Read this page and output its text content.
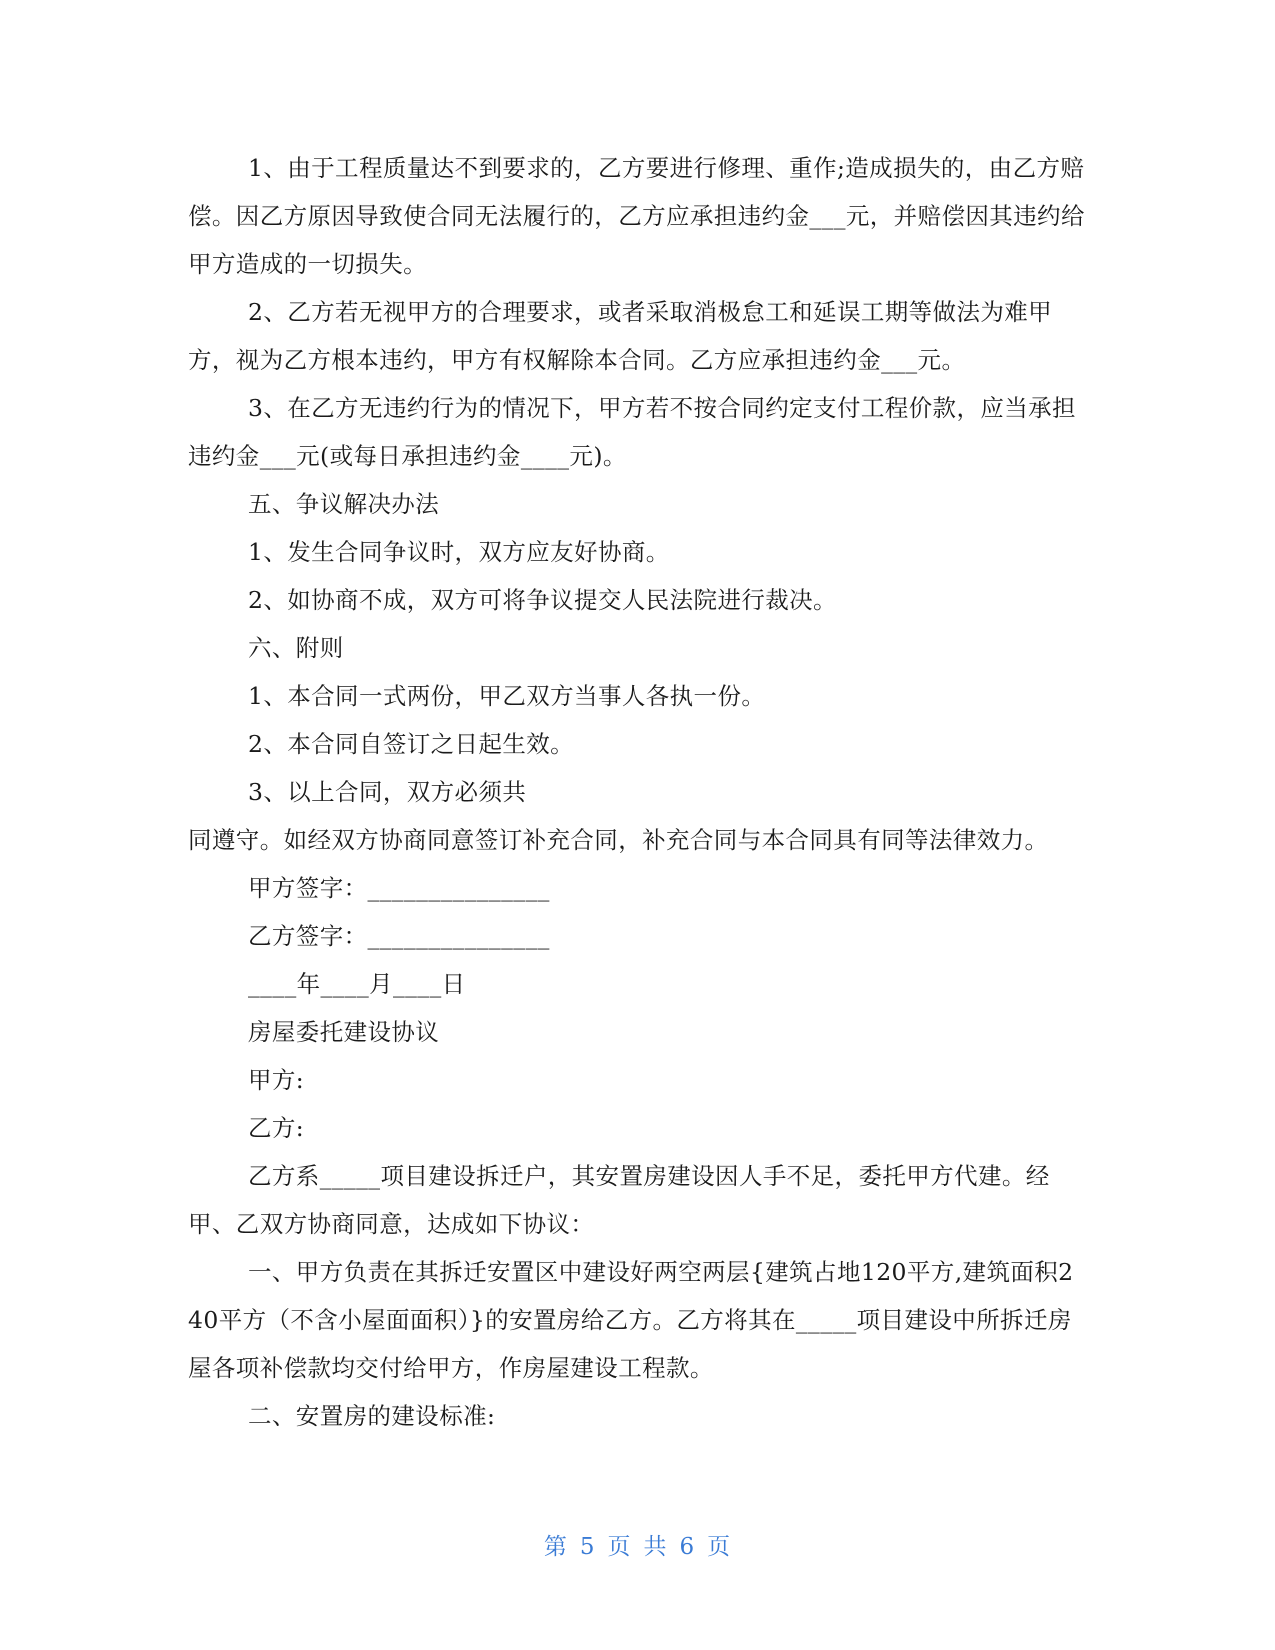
1、由于工程质量达不到要求的，乙方要进行修理、重作;造成损失的，由乙方赔偿。因乙方原因导致使合同无法履行的，乙方应承担违约金___元，并赔偿因其违约给甲方造成的一切损失。

2、乙方若无视甲方的合理要求，或者采取消极怠工和延误工期等做法为难甲方，视为乙方根本违约，甲方有权解除本合同。乙方应承担违约金___元。

3、在乙方无违约行为的情况下，甲方若不按合同约定支付工程价款，应当承担违约金___元(或每日承担违约金____元)。

五、争议解决办法

1、发生合同争议时，双方应友好协商。

2、如协商不成，双方可将争议提交人民法院进行裁决。

六、附则

1、本合同一式两份，甲乙双方当事人各执一份。

2、本合同自签订之日起生效。

3、以上合同，双方必须共

同遵守。如经双方协商同意签订补充合同，补充合同与本合同具有同等法律效力。

甲方签字：_______________

乙方签字：_______________

____年____月____日

房屋委托建设协议

甲方:

乙方:

乙方系_____项目建设拆迁户，其安置房建设因人手不足，委托甲方代建。经甲、乙双方协商同意，达成如下协议：

一、甲方负责在其拆迁安置区中建设好两空两层{建筑占地120平方,建筑面积240平方（不含小屋面面积）}的安置房给乙方。乙方将其在_____项目建设中所拆迁房屋各项补偿款均交付给甲方，作房屋建设工程款。

二、安置房的建设标准:

第 5 页 共 6 页
